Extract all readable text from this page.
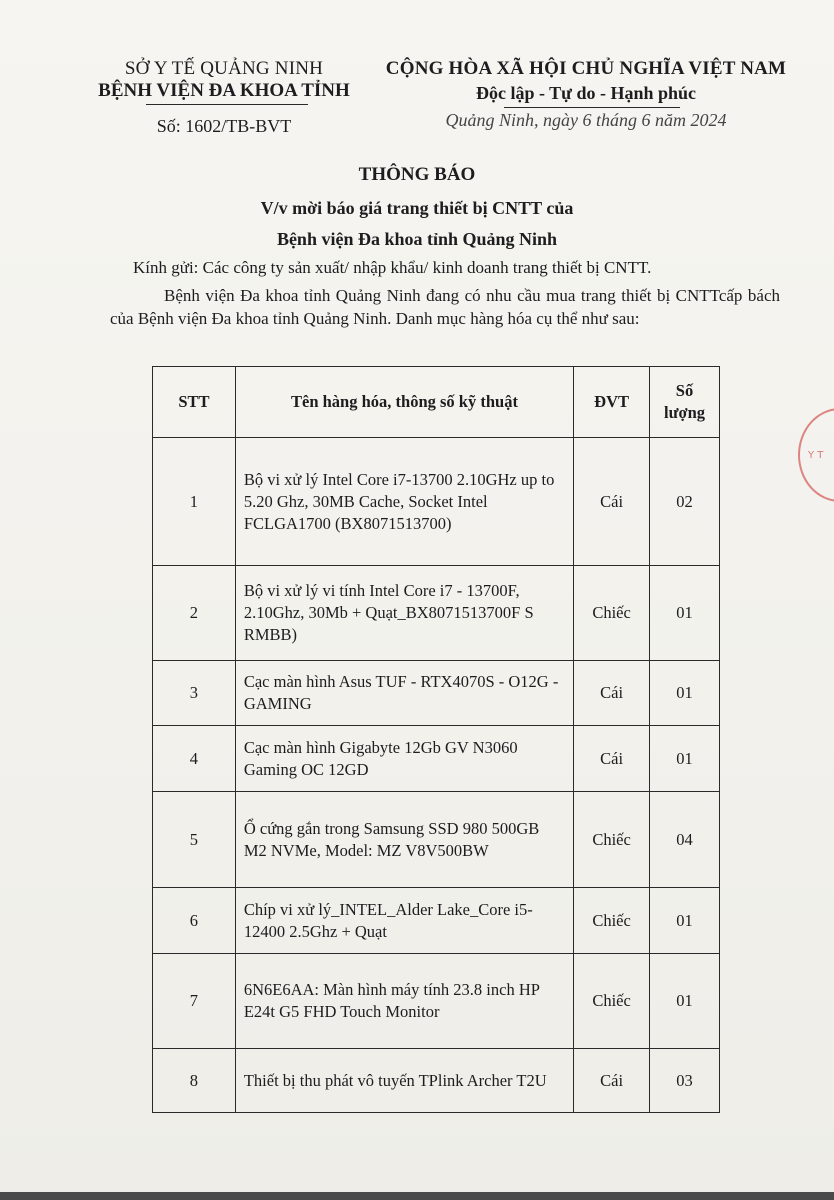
SỞ Y TẾ QUẢNG NINH
BỆNH VIỆN ĐA KHOA TỈNH
Số: 1602/TB-BVT
CỘNG HÒA XÃ HỘI CHỦ NGHĨA VIỆT NAM
Độc lập - Tự do - Hạnh phúc
Quảng Ninh, ngày 6 tháng 6 năm 2024
THÔNG BÁO
V/v mời báo giá trang thiết bị CNTT của
Bệnh viện Đa khoa tỉnh Quảng Ninh
Kính gửi: Các công ty sản xuất/ nhập khẩu/ kinh doanh trang thiết bị CNTT.
Bệnh viện Đa khoa tỉnh Quảng Ninh đang có nhu cầu mua trang thiết bị CNTTcấp bách của Bệnh viện Đa khoa tỉnh Quảng Ninh. Danh mục hàng hóa cụ thể như sau:
STT	Tên hàng hóa, thông số kỹ thuật	ĐVT	Số
lượng
1	Bộ vi xử lý Intel Core i7-13700 2.10GHz up to 5.20 Ghz, 30MB Cache, Socket Intel FCLGA1700 (BX8071513700)	Cái	02
2	Bộ vi xử lý vi tính Intel Core i7 - 13700F, 2.10Ghz, 30Mb + Quạt_BX8071513700F S RMBB)	Chiếc	01
3	Cạc màn hình Asus TUF - RTX4070S - O12G - GAMING	Cái	01
4	Cạc màn hình Gigabyte 12Gb GV N3060 Gaming OC 12GD	Cái	01
5	Ổ cứng gắn trong Samsung SSD 980 500GB M2 NVMe, Model: MZ V8V500BW	Chiếc	04
6	Chíp vi xử lý_INTEL_Alder Lake_Core i5-12400 2.5Ghz + Quạt	Chiếc	01
7	6N6E6AA: Màn hình máy tính 23.8 inch HP E24t G5 FHD Touch Monitor	Chiếc	01
8	Thiết bị thu phát vô tuyến TPlink Archer T2U	Cái	03
Y T
